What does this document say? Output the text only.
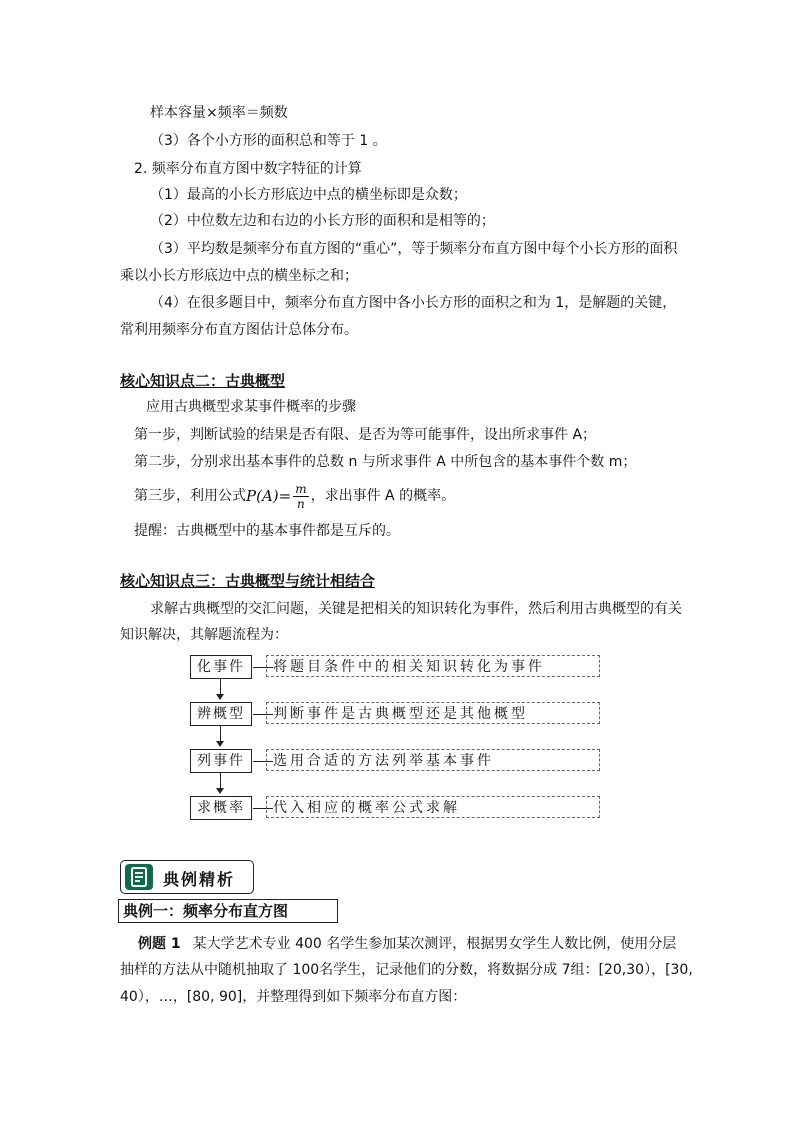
样本容量×频率＝频数
（3）各个小方形的面积总和等于 1 。
2. 频率分布直方图中数字特征的计算
（1）最高的小长方形底边中点的横坐标即是众数；
（2）中位数左边和右边的小长方形的面积和是相等的；
（3）平均数是频率分布直方图的“重心”，等于频率分布直方图中每个小长方形的面积
乘以小长方形底边中点的横坐标之和；
（4）在很多题目中，频率分布直方图中各小长方形的面积之和为 1，是解题的关键，
常利用频率分布直方图估计总体分布。
核心知识点二：古典概型
应用古典概型求某事件概率的步骤
第一步，判断试验的结果是否有限、是否为等可能事件，设出所求事件 A；
第二步，分别求出基本事件的总数 n 与所求事件 A 中所包含的基本事件个数 m；
第三步，利用公式 $P(A)= \frac{m}{n}$ ，求出事件 A 的概率。
提醒：古典概型中的基本事件都是互斥的。
核心知识点三：古典概型与统计相结合
求解古典概型的交汇问题，关键是把相关的知识转化为事件，然后利用古典概型的有关
知识解决，其解题流程为：
化事件	将题目条件中的相关知识转化为事件
辨概型	判断事件是古典概型还是其他概型
列事件	选用合适的方法列举基本事件
求概率	代入相应的概率公式求解
典例精析
典例一：频率分布直方图
例题 1 某大学艺术专业 400 名学生参加某次测评，根据男女学生人数比例，使用分层
抽样的方法从中随机抽取了 100名学生，记录他们的分数，将数据分成 7组：[20,30），[30,
40），…，[80, 90]，并整理得到如下频率分布直方图：
